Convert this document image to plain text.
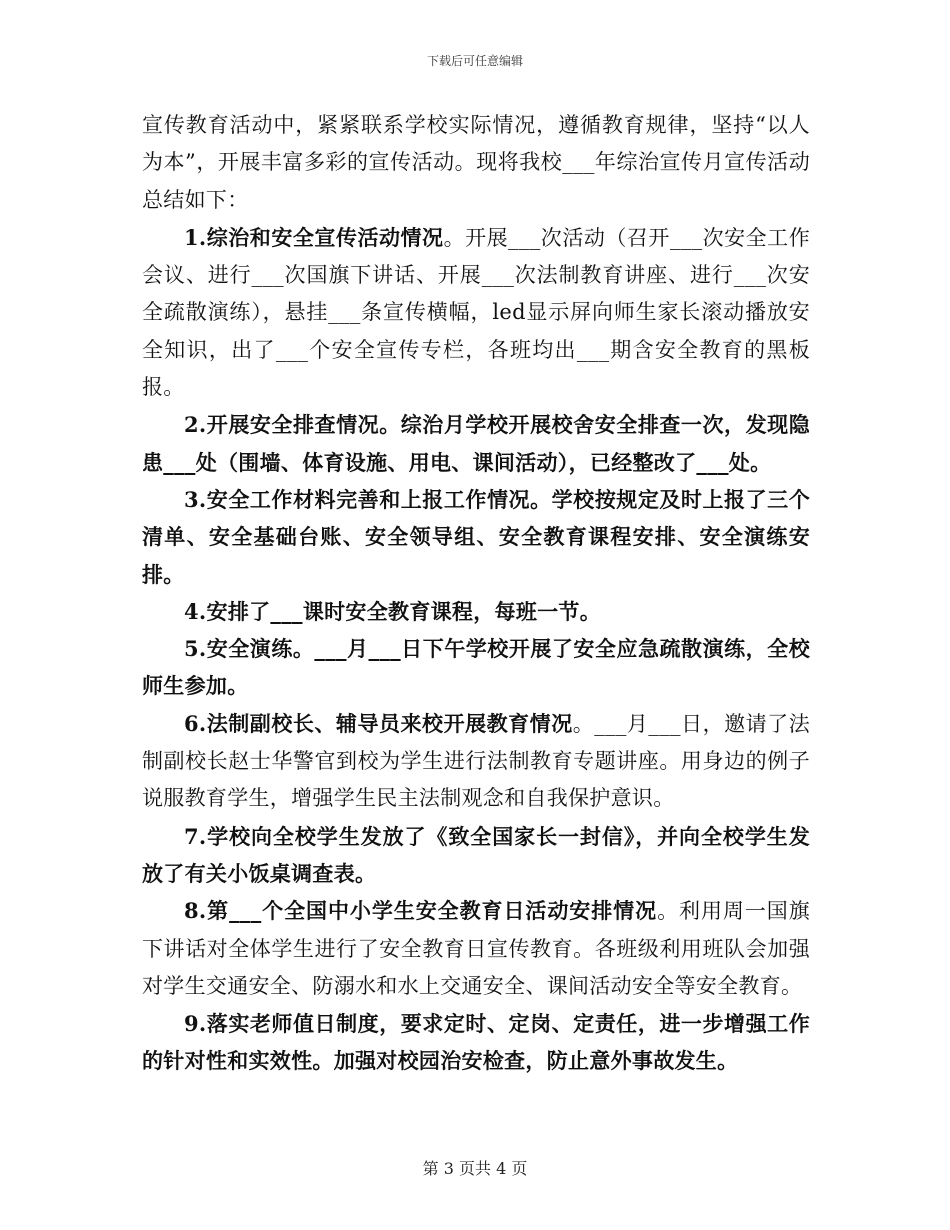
下载后可任意编辑

宣传教育活动中，紧紧联系学校实际情况，遵循教育规律，坚持“以人为本”，开展丰富多彩的宣传活动。现将我校___年综治宣传月宣传活动总结如下：

1.综治和安全宣传活动情况。开展___次活动（召开___次安全工作会议、进行___次国旗下讲话、开展___次法制教育讲座、进行___次安全疏散演练），悬挂___条宣传横幅，led显示屏向师生家长滚动播放安全知识，出了___个安全宣传专栏，各班均出___期含安全教育的黑板报。

2.开展安全排查情况。综治月学校开展校舍安全排查一次，发现隐患___处（围墙、体育设施、用电、课间活动），已经整改了___处。

3.安全工作材料完善和上报工作情况。学校按规定及时上报了三个清单、安全基础台账、安全领导组、安全教育课程安排、安全演练安排。

4.安排了___课时安全教育课程，每班一节。

5.安全演练。___月___日下午学校开展了安全应急疏散演练，全校师生参加。

6.法制副校长、辅导员来校开展教育情况。___月___日，邀请了法制副校长赵士华警官到校为学生进行法制教育专题讲座。用身边的例子说服教育学生，增强学生民主法制观念和自我保护意识。

7.学校向全校学生发放了《致全国家长一封信》，并向全校学生发放了有关小饭桌调查表。

8.第___个全国中小学生安全教育日活动安排情况。利用周一国旗下讲话对全体学生进行了安全教育日宣传教育。各班级利用班队会加强对学生交通安全、防溺水和水上交通安全、课间活动安全等安全教育。

9.落实老师值日制度，要求定时、定岗、定责任，进一步增强工作的针对性和实效性。加强对校园治安检查，防止意外事故发生。

第 3 页共 4 页
